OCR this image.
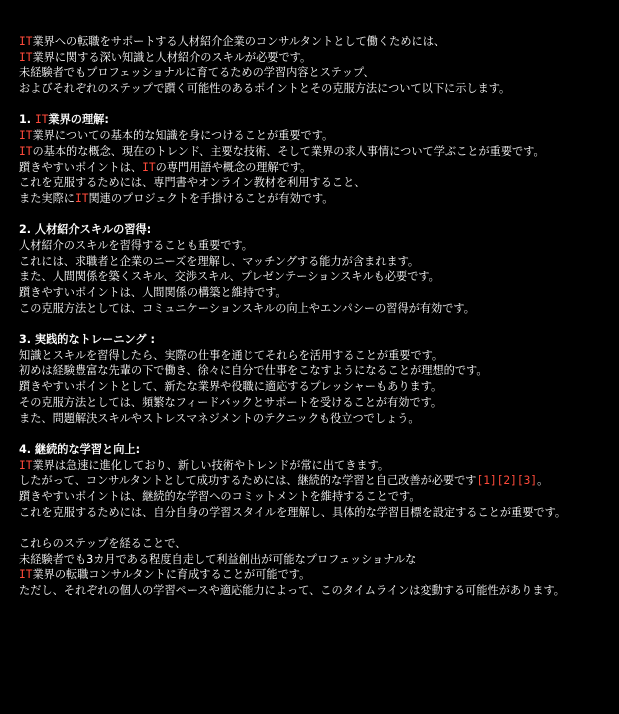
IT業界への転職をサポートする人材紹介企業のコンサルタントとして働くためには、
IT業界に関する深い知識と人材紹介のスキルが必要です。
未経験者でもプロフェッショナルに育てるための学習内容とステップ、
およびそれぞれのステップで躓く可能性のあるポイントとその克服方法について以下に示します。
1. IT業界の理解:
IT業界についての基本的な知識を身につけることが重要です。
ITの基本的な概念、現在のトレンド、主要な技術、そして業界の求人事情について学ぶことが重要です。
躓きやすいポイントは、ITの専門用語や概念の理解です。
これを克服するためには、専門書やオンライン教材を利用すること、
また実際にIT関連のプロジェクトを手掛けることが有効です。
2. 人材紹介スキルの習得:
人材紹介のスキルを習得することも重要です。
これには、求職者と企業のニーズを理解し、マッチングする能力が含まれます。
また、人間関係を築くスキル、交渉スキル、プレゼンテーションスキルも必要です。
躓きやすいポイントは、人間関係の構築と維持です。
この克服方法としては、コミュニケーションスキルの向上やエンパシーの習得が有効です。
3. 実践的なトレーニング :
知識とスキルを習得したら、実際の仕事を通じてそれらを活用することが重要です。
初めは経験豊富な先輩の下で働き、徐々に自分で仕事をこなすようになることが理想的です。
躓きやすいポイントとして、新たな業界や役職に適応するプレッシャーもあります。
その克服方法としては、頻繁なフィードバックとサポートを受けることが有効です。
また、問題解決スキルやストレスマネジメントのテクニックも役立つでしょう。
4. 継続的な学習と向上:
IT業界は急速に進化しており、新しい技術やトレンドが常に出てきます。
したがって、コンサルタントとして成功するためには、継続的な学習と自己改善が必要です[1][2][3]。
躓きやすいポイントは、継続的な学習へのコミットメントを維持することです。
これを克服するためには、自分自身の学習スタイルを理解し、具体的な学習目標を設定することが重要です。
これらのステップを経ることで、
未経験者でも3カ月である程度自走して利益創出が可能なプロフェッショナルな
IT業界の転職コンサルタントに育成することが可能です。
ただし、それぞれの個人の学習ペースや適応能力によって、このタイムラインは変動する可能性があります。
